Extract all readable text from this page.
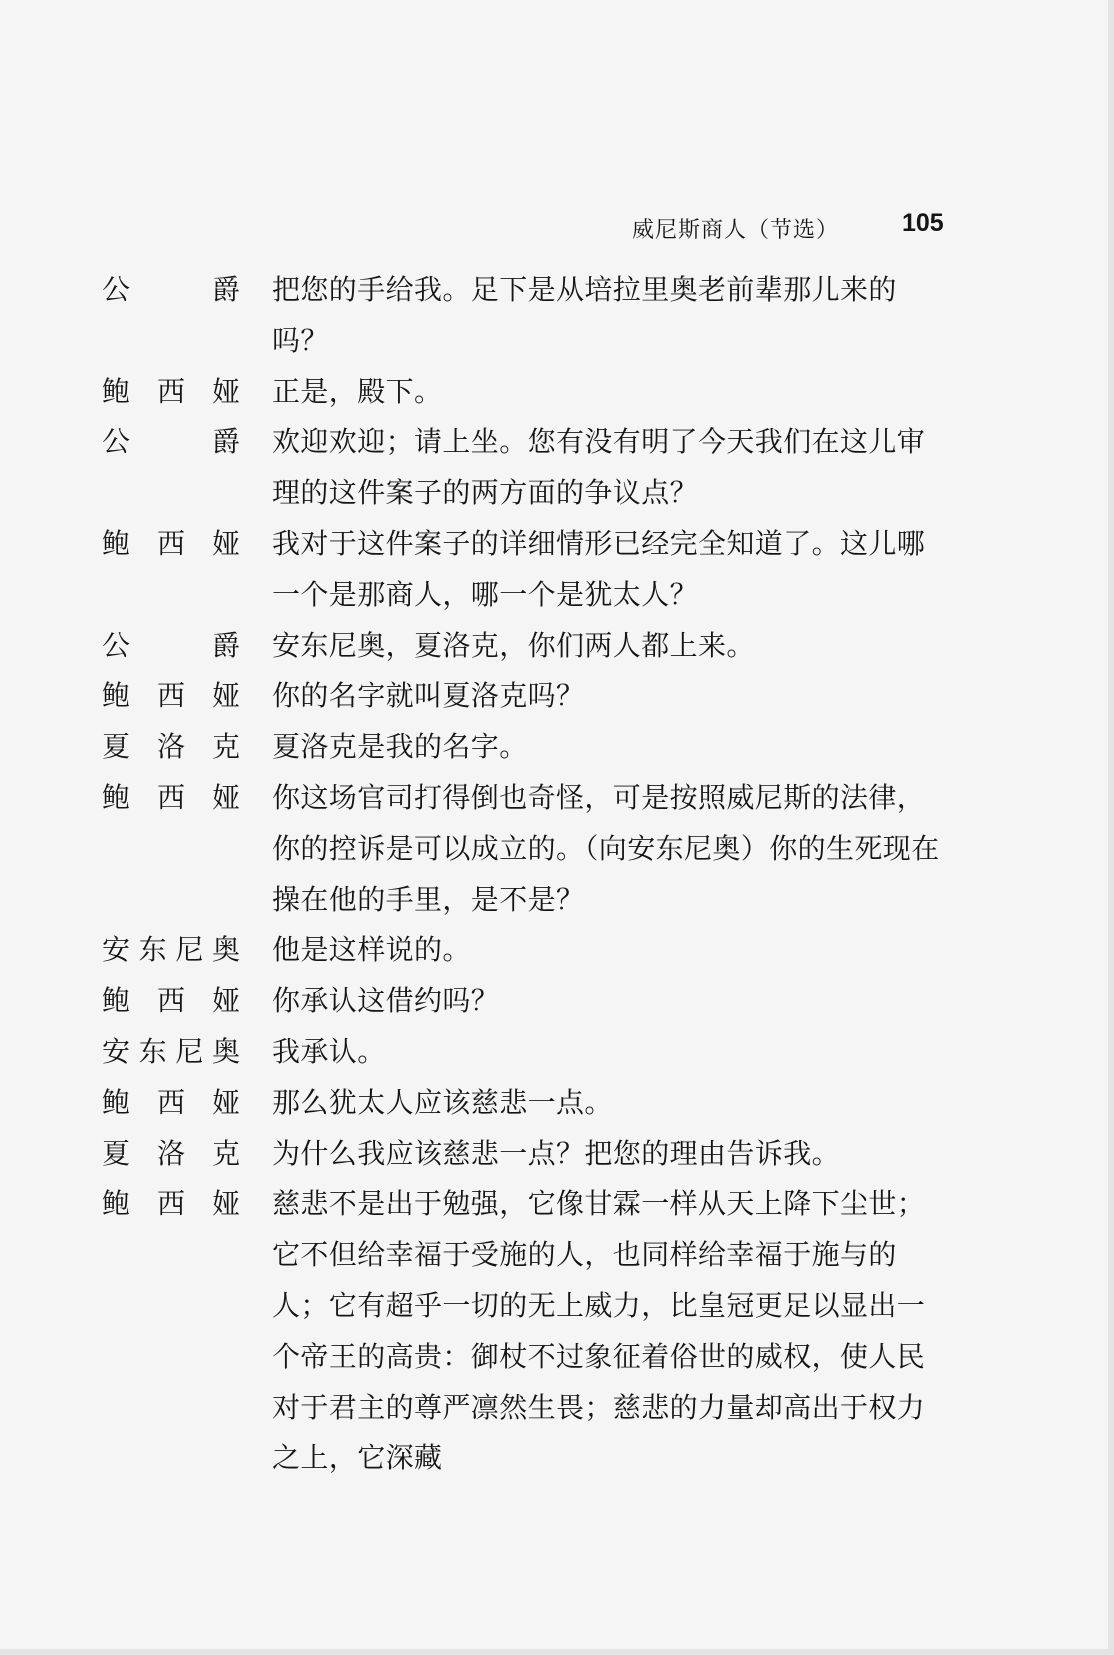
威尼斯商人（节选）	105
公 爵 把您的手给我。足下是从培拉里奥老前辈那儿来的吗？
鲍西娅 正是，殿下。
公 爵 欢迎欢迎；请上坐。您有没有明了今天我们在这儿审理的这件案子的两方面的争议点？
鲍西娅 我对于这件案子的详细情形已经完全知道了。这儿哪一个是那商人，哪一个是犹太人？
公 爵 安东尼奥，夏洛克，你们两人都上来。
鲍西娅 你的名字就叫夏洛克吗？
夏洛克 夏洛克是我的名字。
鲍西娅 你这场官司打得倒也奇怪，可是按照威尼斯的法律，你的控诉是可以成立的。（向安东尼奥）你的生死现在操在他的手里，是不是？
安东尼奥 他是这样说的。
鲍西娅 你承认这借约吗？
安东尼奥 我承认。
鲍西娅 那么犹太人应该慈悲一点。
夏洛克 为什么我应该慈悲一点？把您的理由告诉我。
鲍西娅 慈悲不是出于勉强，它像甘霖一样从天上降下尘世；它不但给幸福于受施的人，也同样给幸福于施与的人；它有超乎一切的无上威力，比皇冠更足以显出一个帝王的高贵：御杖不过象征着俗世的威权，使人民对于君主的尊严凛然生畏；慈悲的力量却高出于权力之上，它深藏
